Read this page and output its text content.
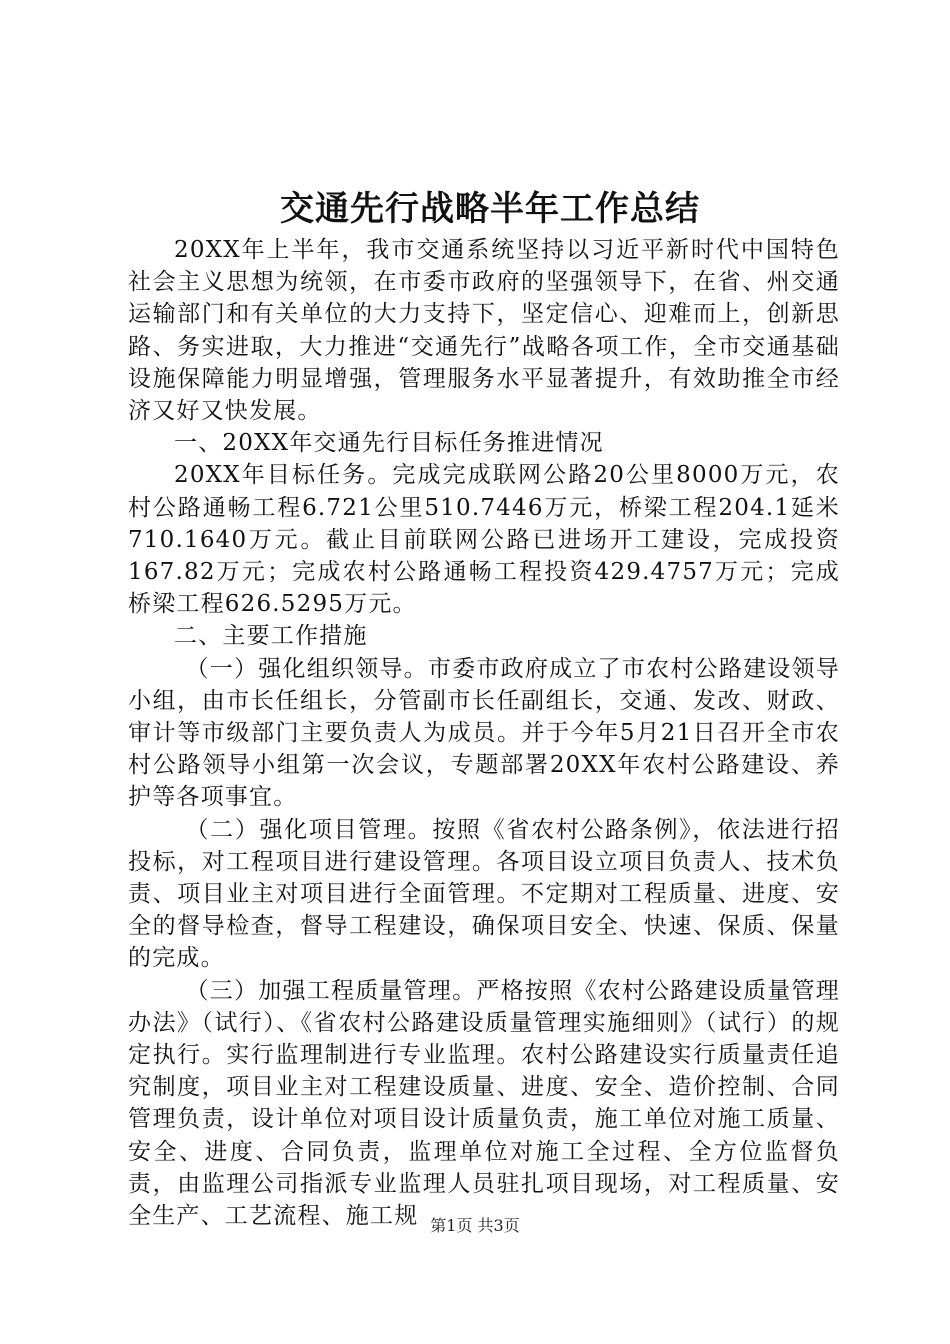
交通先行战略半年工作总结

20XX年上半年，我市交通系统坚持以习近平新时代中国特色社会主义思想为统领，在市委市政府的坚强领导下，在省、州交通运输部门和有关单位的大力支持下，坚定信心、迎难而上，创新思路、务实进取，大力推进“交通先行”战略各项工作，全市交通基础设施保障能力明显增强，管理服务水平显著提升，有效助推全市经济又好又快发展。

一、20XX年交通先行目标任务推进情况

20XX年目标任务。完成完成联网公路20公里8000万元，农村公路通畅工程6.721公里510.7446万元，桥梁工程204.1延米710.1640万元。截止目前联网公路已进场开工建设，完成投资167.82万元；完成农村公路通畅工程投资429.4757万元；完成桥梁工程626.5295万元。

二、主要工作措施

（一）强化组织领导。市委市政府成立了市农村公路建设领导小组，由市长任组长，分管副市长任副组长，交通、发改、财政、审计等市级部门主要负责人为成员。并于今年5月21日召开全市农村公路领导小组第一次会议，专题部署20XX年农村公路建设、养护等各项事宜。

（二）强化项目管理。按照《省农村公路条例》，依法进行招投标，对工程项目进行建设管理。各项目设立项目负责人、技术负责、项目业主对项目进行全面管理。不定期对工程质量、进度、安全的督导检查，督导工程建设，确保项目安全、快速、保质、保量的完成。

（三）加强工程质量管理。严格按照《农村公路建设质量管理办法》（试行）、《省农村公路建设质量管理实施细则》（试行）的规定执行。实行监理制进行专业监理。农村公路建设实行质量责任追究制度，项目业主对工程建设质量、进度、安全、造价控制、合同管理负责，设计单位对项目设计质量负责，施工单位对施工质量、安全、进度、合同负责，监理单位对施工全过程、全方位监督负责，由监理公司指派专业监理人员驻扎项目现场，对工程质量、安全生产、工艺流程、施工规 第1页 共3页
